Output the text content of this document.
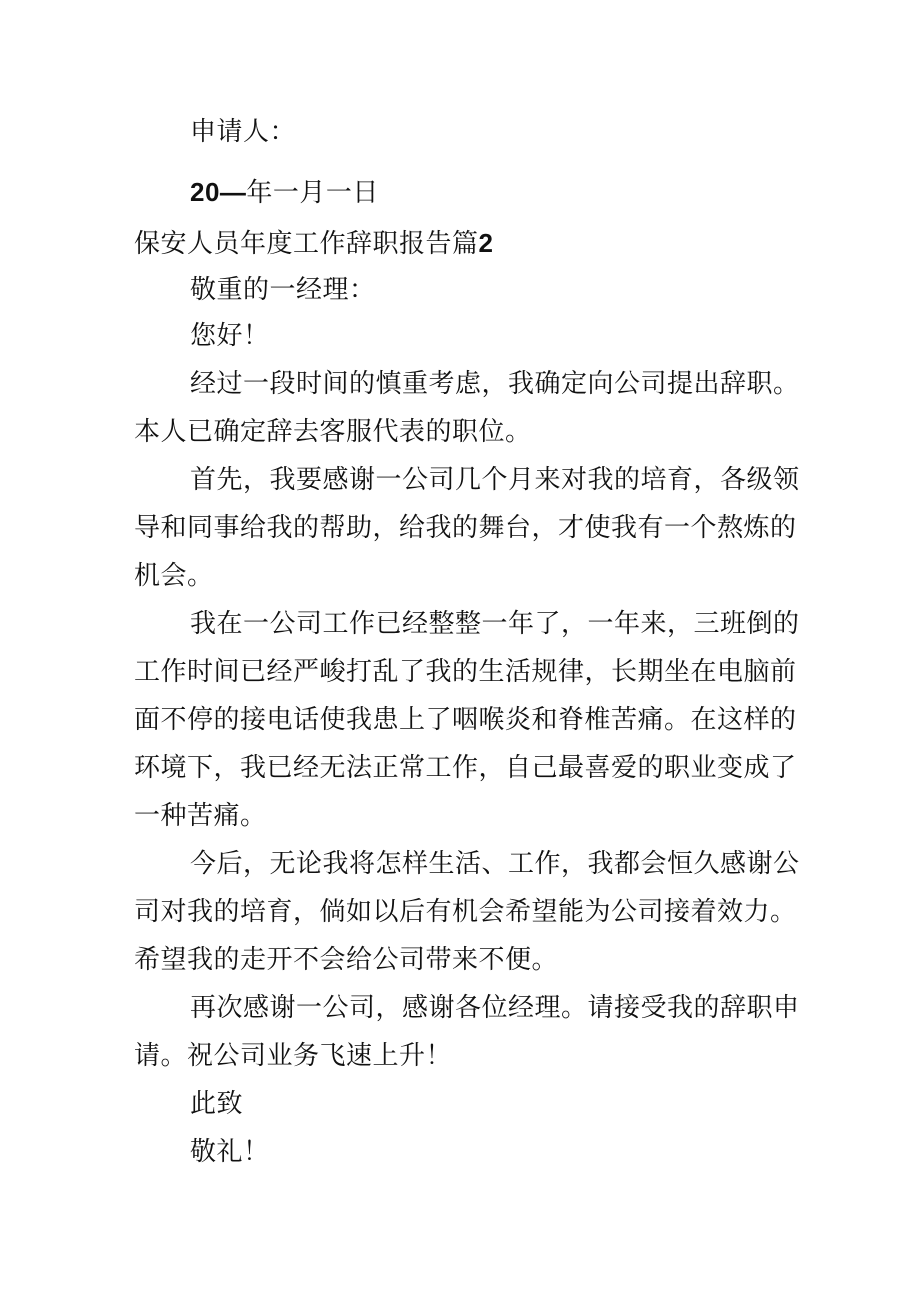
申请人：
20—年一月一日
保安人员年度工作辞职报告篇2
敬重的一经理：
您好！
经过一段时间的慎重考虑，我确定向公司提出辞职。
本人已确定辞去客服代表的职位。
首先，我要感谢一公司几个月来对我的培育，各级领
导和同事给我的帮助，给我的舞台，才使我有一个熬炼的
机会。
我在一公司工作已经整整一年了，一年来，三班倒的
工作时间已经严峻打乱了我的生活规律，长期坐在电脑前
面不停的接电话使我患上了咽喉炎和脊椎苦痛。在这样的
环境下，我已经无法正常工作，自己最喜爱的职业变成了
一种苦痛。
今后，无论我将怎样生活、工作，我都会恒久感谢公
司对我的培育，倘如以后有机会希望能为公司接着效力。
希望我的走开不会给公司带来不便。
再次感谢一公司，感谢各位经理。请接受我的辞职申
请。祝公司业务飞速上升！
此致
敬礼！
